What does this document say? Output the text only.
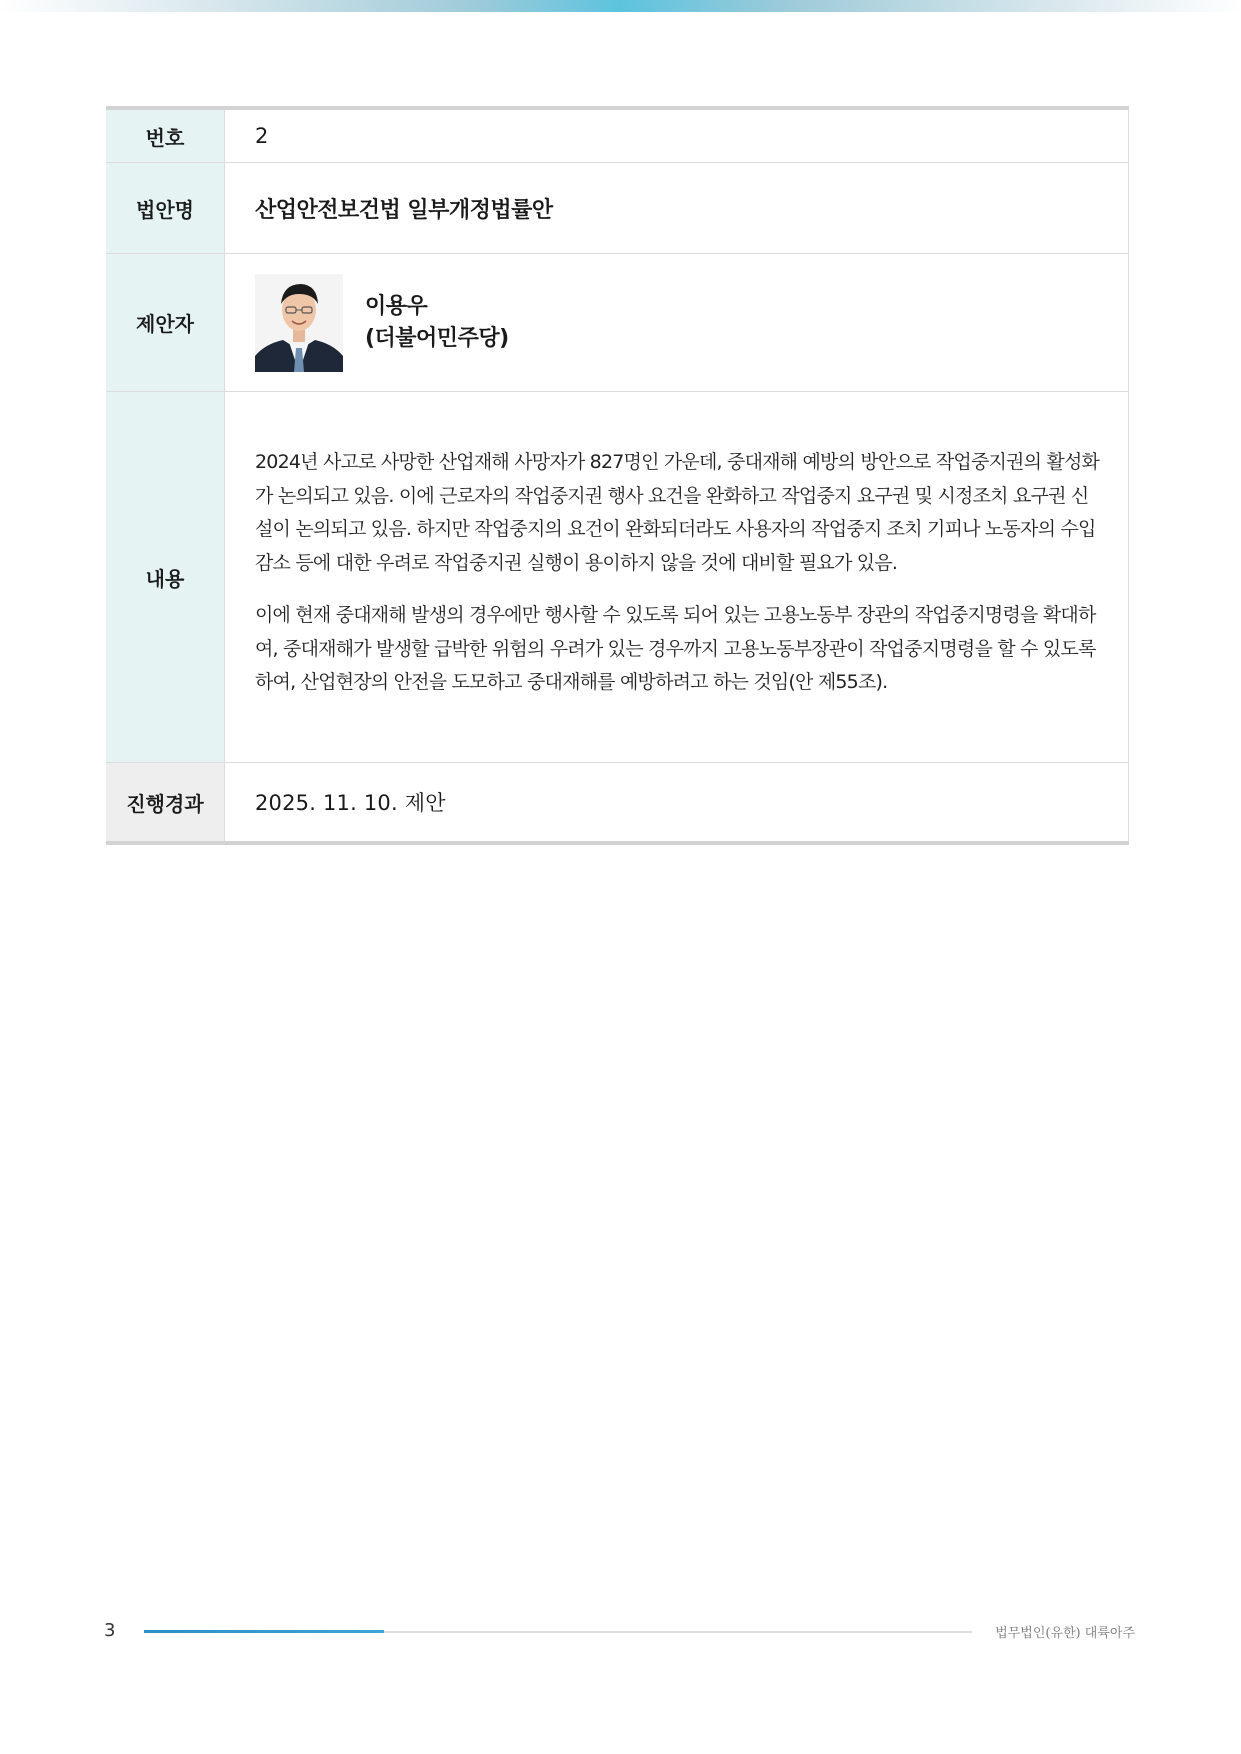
번호	2
법안명	산업안전보건법 일부개정법률안
제안자	이용우
(더불어민주당)

내용	2024년 사고로 사망한 산업재해 사망자가 827명인 가운데, 중대재해 예방의 방안으로 작업중지권의 활성화가 논의되고 있음. 이에 근로자의 작업중지권 행사 요건을 완화하고 작업중지 요구권 및 시정조치 요구권 신설이 논의되고 있음. 하지만 작업중지의 요건이 완화되더라도 사용자의 작업중지 조치 기피나 노동자의 수입 감소 등에 대한 우려로 작업중지권 실행이 용이하지 않을 것에 대비할 필요가 있음.

이에 현재 중대재해 발생의 경우에만 행사할 수 있도록 되어 있는 고용노동부 장관의 작업중지명령을 확대하여, 중대재해가 발생할 급박한 위험의 우려가 있는 경우까지 고용노동부장관이 작업중지명령을 할 수 있도록 하여, 산업현장의 안전을 도모하고 중대재해를 예방하려고 하는 것임(안 제55조).

진행경과	2025. 11. 10. 제안
3	법무법인(유한) 대륙아주
